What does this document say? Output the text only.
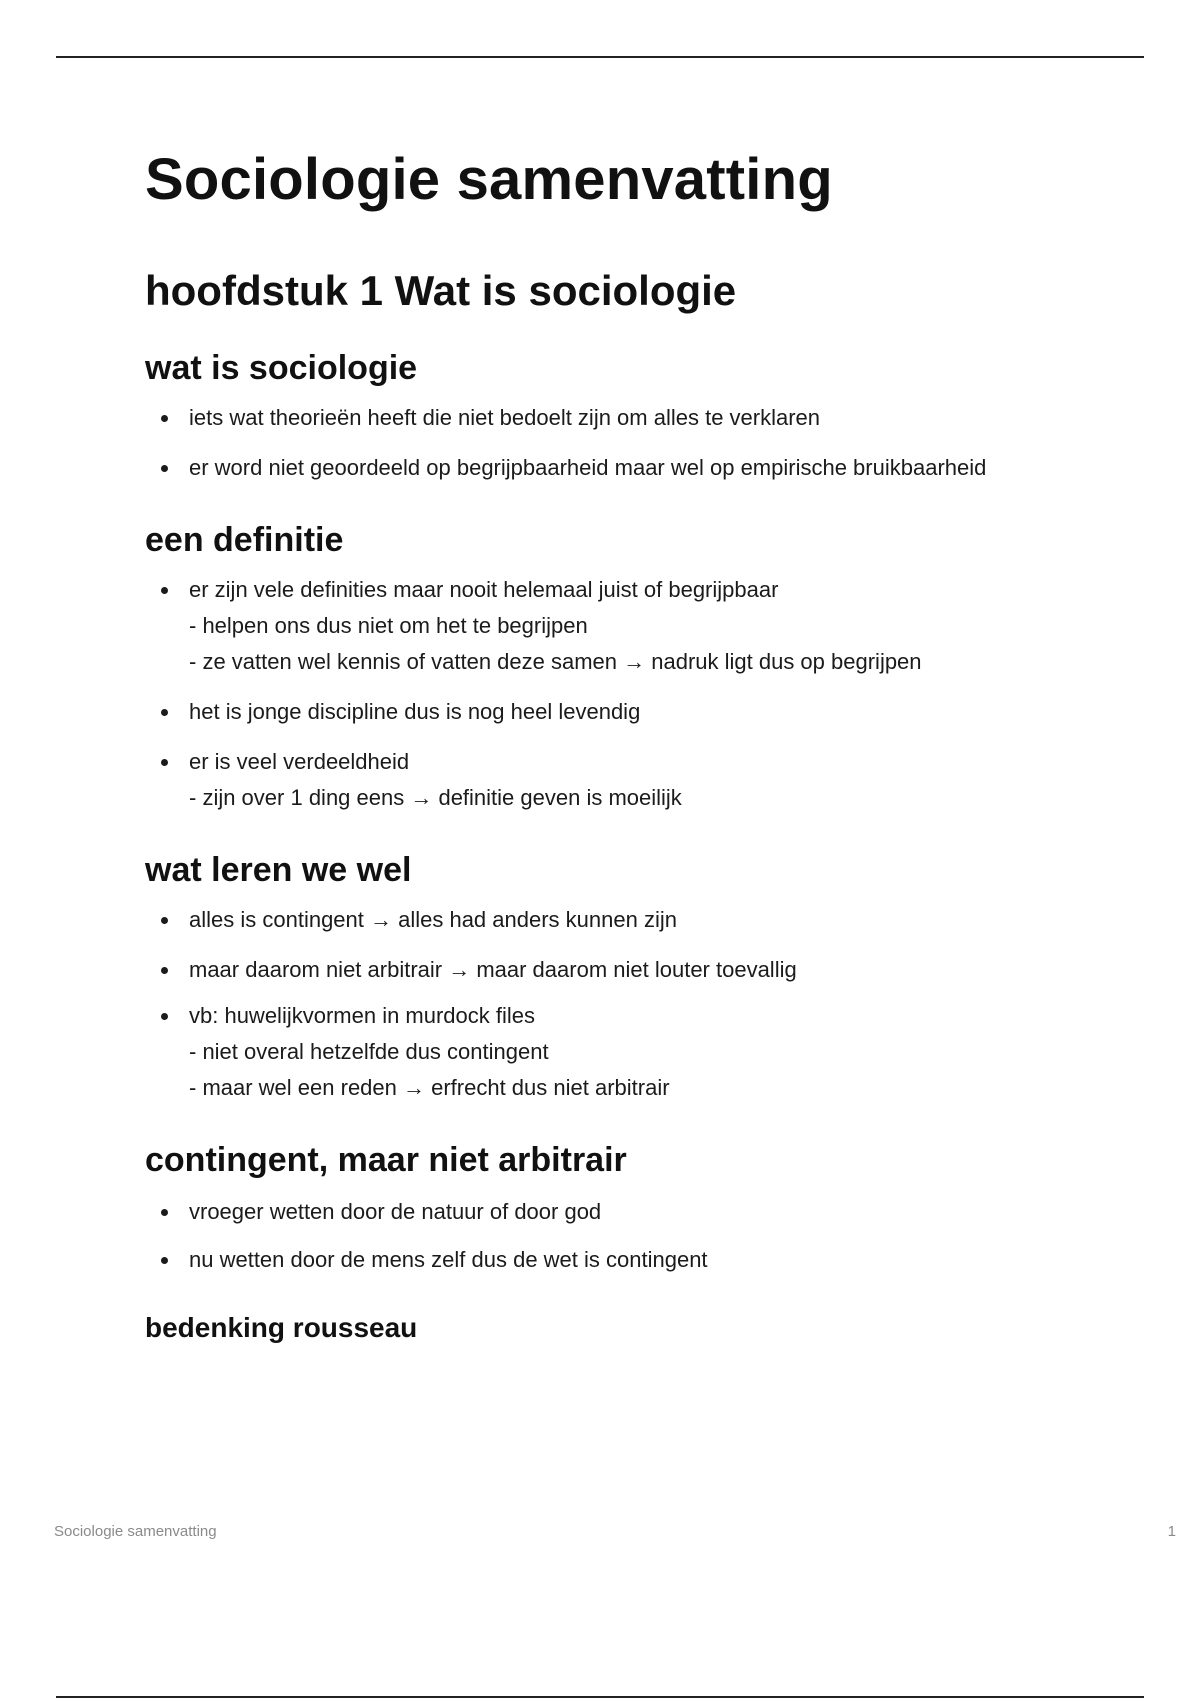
Sociologie samenvatting
hoofdstuk 1 Wat is sociologie
wat is sociologie
iets wat theorieën heeft die niet bedoelt zijn om alles te verklaren
er word niet geoordeeld op begrijpbaarheid maar wel op empirische bruikbaarheid
een definitie
er zijn vele definities maar nooit helemaal juist of begrijpbaar
- helpen ons dus niet om het te begrijpen
- ze vatten wel kennis of vatten deze samen → nadruk ligt dus op begrijpen
het is jonge discipline dus is nog heel levendig
er is veel verdeeldheid
- zijn over 1 ding eens → definitie geven is moeilijk
wat leren we wel
alles is contingent → alles had anders kunnen zijn
maar daarom niet arbitrair → maar daarom niet louter toevallig
vb: huwelijkvormen in murdock files
- niet overal hetzelfde dus contingent
- maar wel een reden → erfrecht dus niet arbitrair
contingent, maar niet arbitrair
vroeger wetten door de natuur of door god
nu wetten door de mens zelf dus de wet is contingent
bedenking rousseau
Sociologie samenvatting	1
